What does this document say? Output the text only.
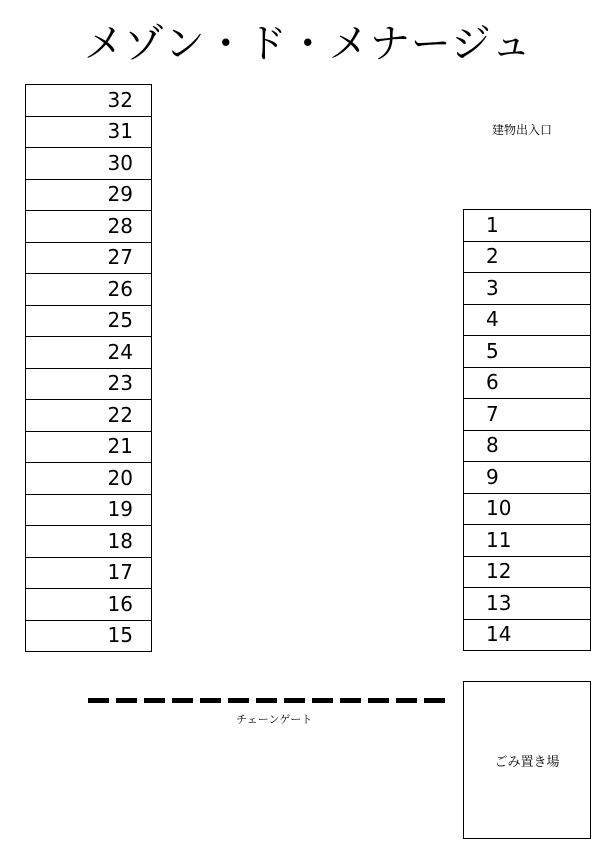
メゾン・ド・メナージュ
32
31
30
29
28
27
26
25
24
23
22
21
20
19
18
17
16
15
建物出入口
1
2
3
4
5
6
7
8
9
10
11
12
13
14
チェーンゲート
ごみ置き場
